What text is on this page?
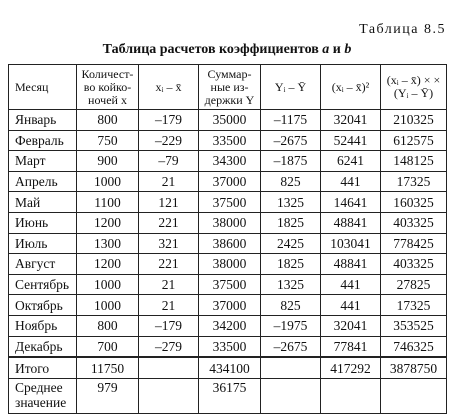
Таблица 8.5
Таблица расчетов коэффициентов a и b
Месяц	Количест-во койко-ночей x	xᵢ – x̄	Суммар-ные из-держки Y	Yᵢ – Ȳ	(xᵢ – x̄)²	(xᵢ – x̄) × × (Yᵢ – Ȳ)
Январь	800	–179	35000	–1175	32041	210325
Февраль	750	–229	33500	–2675	52441	612575
Март	900	–79	34300	–1875	6241	148125
Апрель	1000	21	37000	825	441	17325
Май	1100	121	37500	1325	14641	160325
Июнь	1200	221	38000	1825	48841	403325
Июль	1300	321	38600	2425	103041	778425
Август	1200	221	38000	1825	48841	403325
Сентябрь	1000	21	37500	1325	441	27825
Октябрь	1000	21	37000	825	441	17325
Ноябрь	800	–179	34200	–1975	32041	353525
Декабрь	700	–279	33500	–2675	77841	746325
Итого	11750		434100		417292	3878750
Среднее значение	979		36175			
